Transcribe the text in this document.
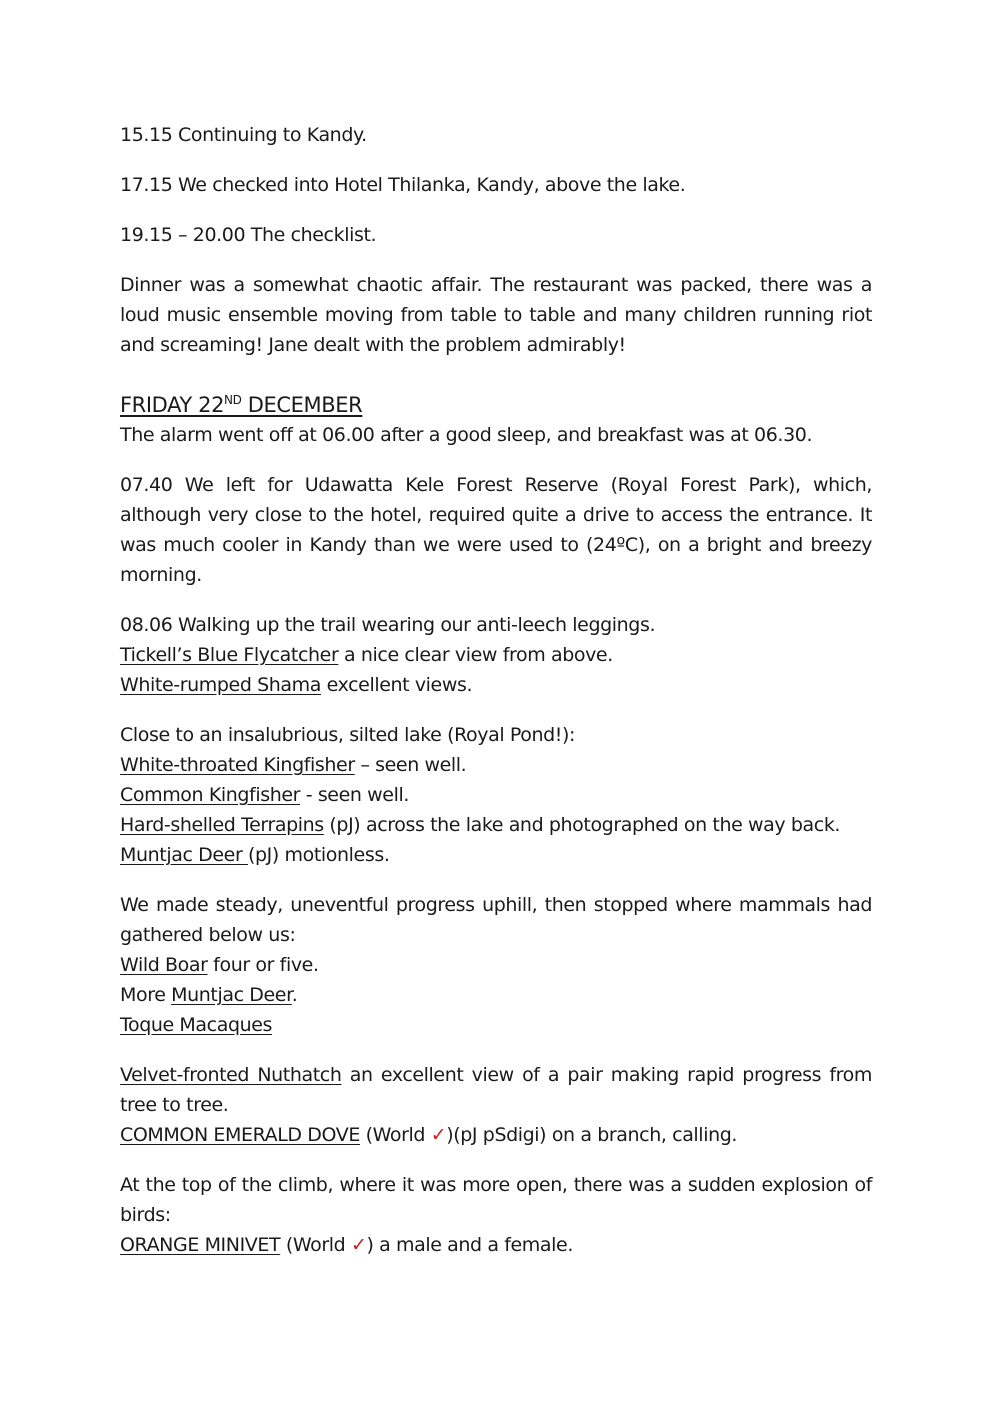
15.15 Continuing to Kandy.

17.15 We checked into Hotel Thilanka, Kandy, above the lake.

19.15 – 20.00 The checklist.

Dinner was a somewhat chaotic affair. The restaurant was packed, there was a loud music ensemble moving from table to table and many children running riot and screaming! Jane dealt with the problem admirably!

FRIDAY 22ND DECEMBER

The alarm went off at 06.00 after a good sleep, and breakfast was at 06.30.

07.40 We left for Udawatta Kele Forest Reserve (Royal Forest Park), which, although very close to the hotel, required quite a drive to access the entrance. It was much cooler in Kandy than we were used to (24ºC), on a bright and breezy morning.

08.06 Walking up the trail wearing our anti-leech leggings.
Tickell’s Blue Flycatcher a nice clear view from above.
White-rumped Shama excellent views.
Close to an insalubrious, silted lake (Royal Pond!):
White-throated Kingfisher – seen well.
Common Kingfisher - seen well.
Hard-shelled Terrapins (pJ) across the lake and photographed on the way back.
Muntjac Deer (pJ) motionless.
We made steady, uneventful progress uphill, then stopped where mammals had gathered below us:
Wild Boar four or five.
More Muntjac Deer.
Toque Macaques
Velvet-fronted Nuthatch an excellent view of a pair making rapid progress from tree to tree.
COMMON EMERALD DOVE (World ✓)(pJ pSdigi) on a branch, calling.
At the top of the climb, where it was more open, there was a sudden explosion of birds:
ORANGE MINIVET (World ✓) a male and a female.
